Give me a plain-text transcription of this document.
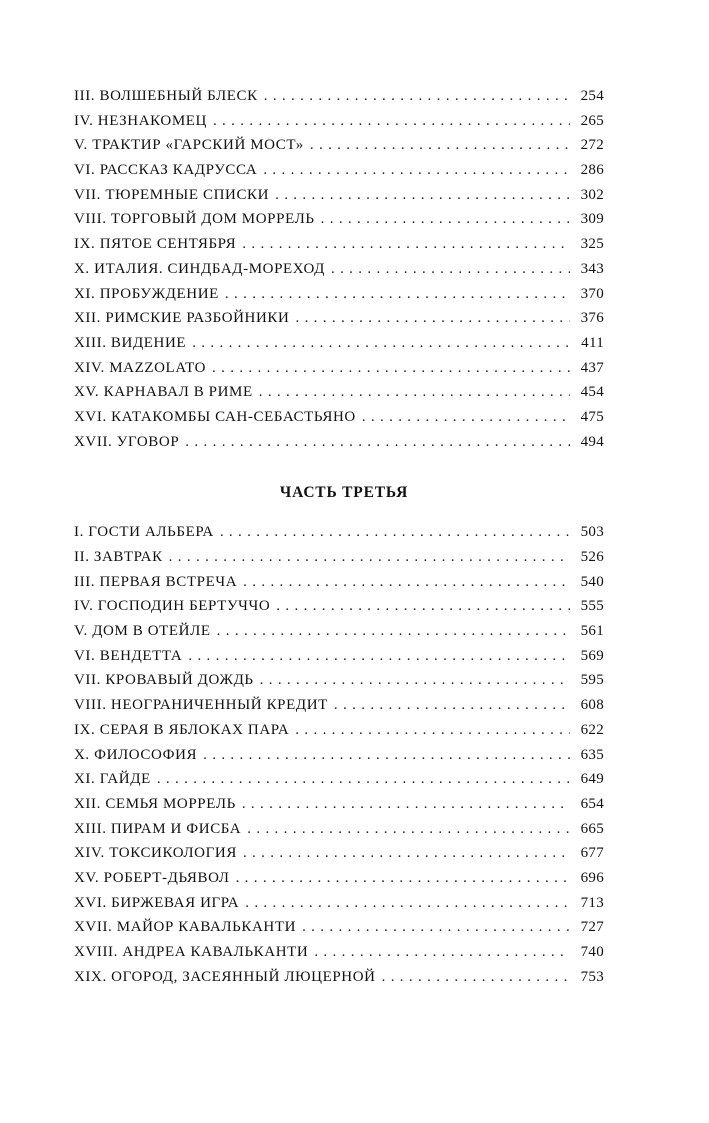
III. ВОЛШЕБНЫЙ БЛЕСК . . .	254
IV. НЕЗНАКОМЕЦ . . .	265
V. ТРАКТИР «ГАРСКИЙ МОСТ» . . .	272
VI. РАССКАЗ КАДРУССА . . .	286
VII. ТЮРЕМНЫЕ СПИСКИ . . .	302
VIII. ТОРГОВЫЙ ДОМ МОРРЕЛЬ . . .	309
IX. ПЯТОЕ СЕНТЯБРЯ . . .	325
X. ИТАЛИЯ. СИНДБАД-МОРЕХОД . . .	343
XI. ПРОБУЖДЕНИЕ . . .	370
XII. РИМСКИЕ РАЗБОЙНИКИ . . .	376
XIII. ВИДЕНИЕ . . .	411
XIV. MAZZOLATO . . .	437
XV. КАРНАВАЛ В РИМЕ . . .	454
XVI. КАТАКОМБЫ САН-СЕБАСТЬЯНО . . .	475
XVII. УГОВОР . . .	494
ЧАСТЬ ТРЕТЬЯ
I. ГОСТИ АЛЬБЕРА . . .	503
II. ЗАВТРАК . . .	526
III. ПЕРВАЯ ВСТРЕЧА . . .	540
IV. ГОСПОДИН БЕРТУЧЧО . . .	555
V. ДОМ В ОТЕЙЛЕ . . .	561
VI. ВЕНДЕТТА . . .	569
VII. КРОВАВЫЙ ДОЖДЬ . . .	595
VIII. НЕОГРАНИЧЕННЫЙ КРЕДИТ . . .	608
IX. СЕРАЯ В ЯБЛОКАХ ПАРА . . .	622
X. ФИЛОСОФИЯ . . .	635
XI. ГАЙДЕ . . .	649
XII. СЕМЬЯ МОРРЕЛЬ . . .	654
XIII. ПИРАМ И ФИСБА . . .	665
XIV. ТОКСИКОЛОГИЯ . . .	677
XV. РОБЕРТ-ДЬЯВОЛ . . .	696
XVI. БИРЖЕВАЯ ИГРА . . .	713
XVII. МАЙОР КАВАЛЬКАНТИ . . .	727
XVIII. АНДРЕА КАВАЛЬКАНТИ . . .	740
XIX. ОГОРОД, ЗАСЕЯННЫЙ ЛЮЦЕРНОЙ . . .	753
